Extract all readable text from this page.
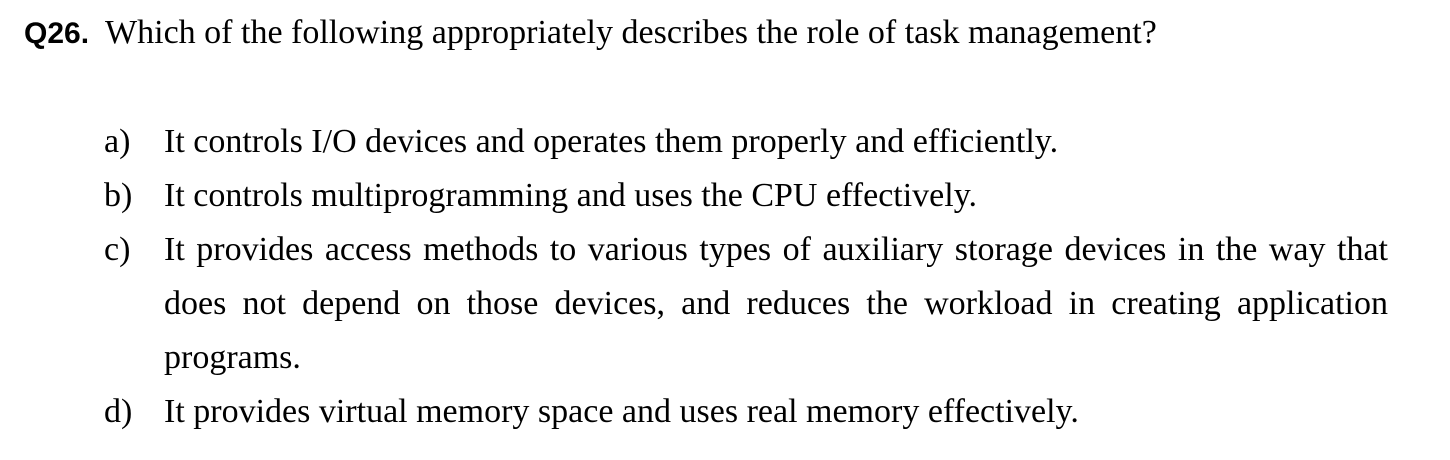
Q26. Which of the following appropriately describes the role of task management?
a) It controls I/O devices and operates them properly and efficiently.
b) It controls multiprogramming and uses the CPU effectively.
c) It provides access methods to various types of auxiliary storage devices in the way that does not depend on those devices, and reduces the workload in creating application programs.
d) It provides virtual memory space and uses real memory effectively.
